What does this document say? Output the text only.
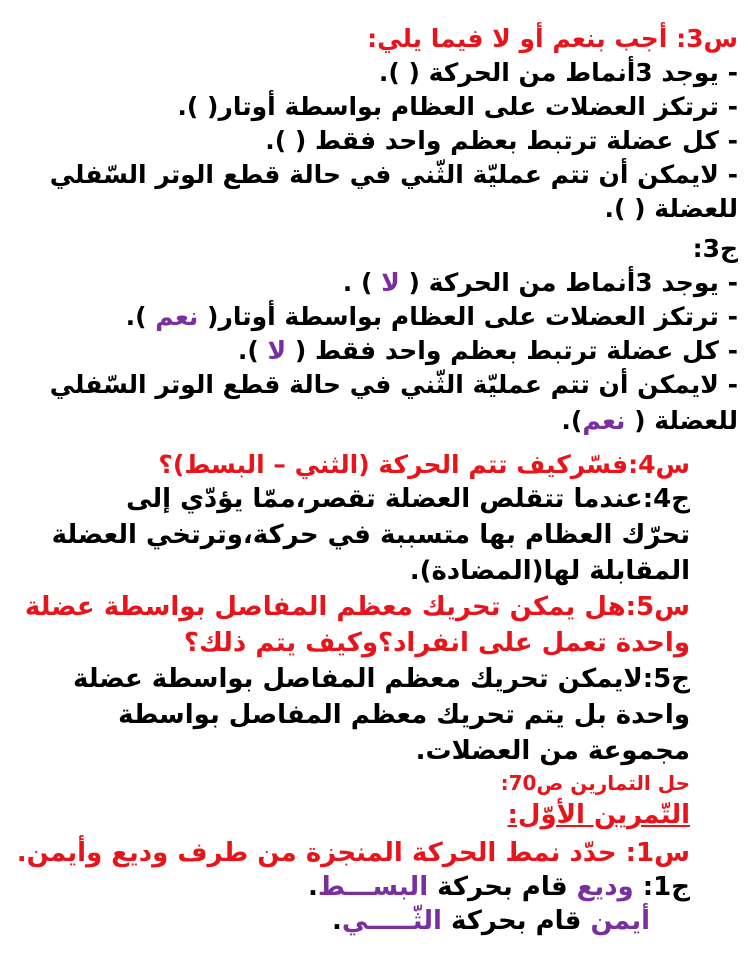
س3: أجب بنعم أو لا فيما يلي:
- يوجد 3أنماط من الحركة ( ).
- ترتكز العضلات على العظام بواسطة أوتار( ).
- كل عضلة ترتبط بعظم واحد فقط ( ).
- لايمكن أن تتم عمليّة الثّني في حالة قطع الوتر السّفلي
للعضلة ( ).
ج3:
- يوجد 3أنماط من الحركة ( لا ) .
- ترتكز العضلات على العظام بواسطة أوتار( نعم ).
- كل عضلة ترتبط بعظم واحد فقط ( لا ).
- لايمكن أن تتم عمليّة الثّني في حالة قطع الوتر السّفلي
للعضلة ( نعم).
س4:فسّركيف تتم الحركة (الثني – البسط)؟
ج4:عندما تتقلص العضلة تقصر،ممّا يؤدّي إلى
تحرّك العظام بها متسببة في حركة،وترتخي العضلة
المقابلة لها(المضادة).
س5:هل يمكن تحريك معظم المفاصل بواسطة عضلة
واحدة تعمل على انفراد؟وكيف يتم ذلك؟
ج5:لايمكن تحريك معظم المفاصل بواسطة عضلة
واحدة بل يتم تحريك معظم المفاصل بواسطة
مجموعة من العضلات.
حل التمارين ص70:
التّمرين الأوّل:
س1: حدّد نمط الحركة المنجزة من طرف وديع وأيمن.
ج1: وديع قام بحركة البســـط.
أيمن قام بحركة الثّـــــي.
